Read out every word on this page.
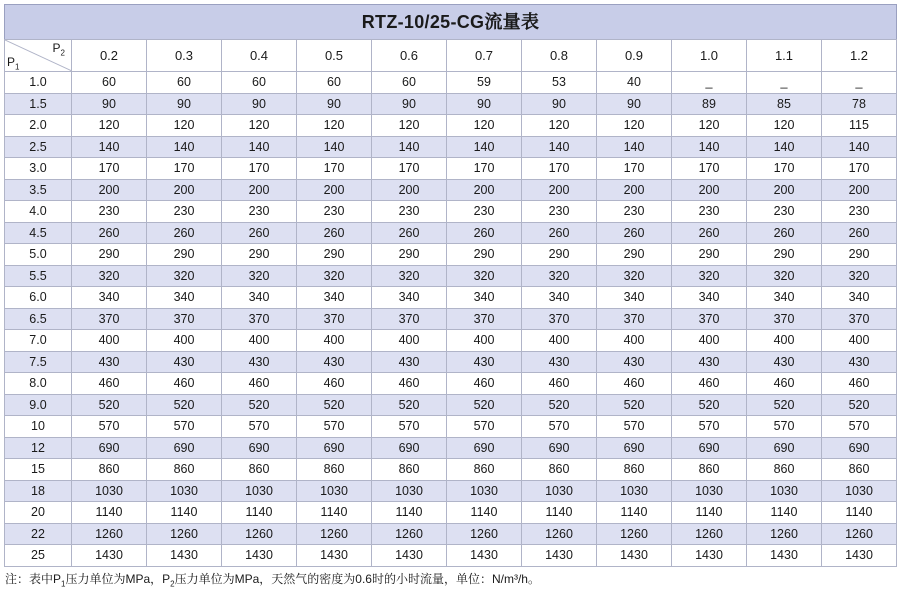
RTZ-10/25-CG流量表
$P_2$
$P_1$	0.2	0.3	0.4	0.5	0.6	0.7	0.8	0.9	1.0	1.1	1.2
1.0	60	60	60	60	60	59	53	40	_	_	_
1.5	90	90	90	90	90	90	90	90	89	85	78
2.0	120	120	120	120	120	120	120	120	120	120	115
2.5	140	140	140	140	140	140	140	140	140	140	140
3.0	170	170	170	170	170	170	170	170	170	170	170
3.5	200	200	200	200	200	200	200	200	200	200	200
4.0	230	230	230	230	230	230	230	230	230	230	230
4.5	260	260	260	260	260	260	260	260	260	260	260
5.0	290	290	290	290	290	290	290	290	290	290	290
5.5	320	320	320	320	320	320	320	320	320	320	320
6.0	340	340	340	340	340	340	340	340	340	340	340
6.5	370	370	370	370	370	370	370	370	370	370	370
7.0	400	400	400	400	400	400	400	400	400	400	400
7.5	430	430	430	430	430	430	430	430	430	430	430
8.0	460	460	460	460	460	460	460	460	460	460	460
9.0	520	520	520	520	520	520	520	520	520	520	520
10	570	570	570	570	570	570	570	570	570	570	570
12	690	690	690	690	690	690	690	690	690	690	690
15	860	860	860	860	860	860	860	860	860	860	860
18	1030	1030	1030	1030	1030	1030	1030	1030	1030	1030	1030
20	1140	1140	1140	1140	1140	1140	1140	1140	1140	1140	1140
22	1260	1260	1260	1260	1260	1260	1260	1260	1260	1260	1260
25	1430	1430	1430	1430	1430	1430	1430	1430	1430	1430	1430
注：表中$P_1$压力单位为MPa，$P_2$压力单位为MPa，天然气的密度为0.6时的小时流量，单位：N/m³/h。
